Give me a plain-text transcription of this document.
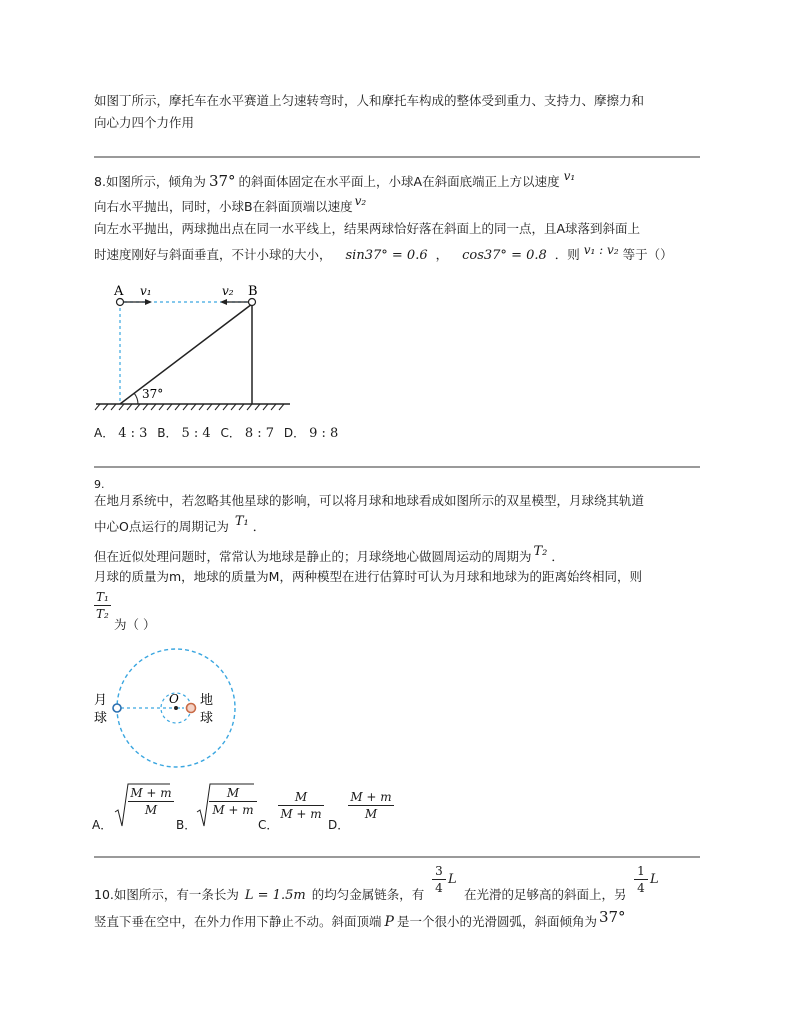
如图丁所示，摩托车在水平赛道上匀速转弯时，人和摩托车构成的整体受到重力、支持力、摩擦力和
向心力四个力作用
8.如图所示，倾角为 37° 的斜面体固定在水平面上，小球A在斜面底端正上方以速度 v₁
向右水平抛出，同时，小球B在斜面顶端以速度 v₂
向左水平抛出，两球抛出点在同一水平线上，结果两球恰好落在斜面上的同一点，且A球落到斜面上
时速度刚好与斜面垂直，不计小球的大小， sin37° = 0.6 ， cos37° = 0.8 ．则 v₁ : v₂ 等于（）
A	B
v₁	v₂
37°
A． 4 : 3 B． 5 : 4 C． 8 : 7 D． 9 : 8
9.
在地月系统中，若忽略其他星球的影响，可以将月球和地球看成如图所示的双星模型，月球绕其轨道
中心O点运行的周期记为 T₁ ．
但在近似处理问题时，常常认为地球是静止的；月球绕地心做圆周运动的周期为 T₂ ．
月球的质量为m，地球的质量为M，两种模型在进行估算时可认为月球和地球为的距离始终相同，则
$\frac{\text{T₁}}{\text{T₂}}$
为（ ）
月
球
地
球
O
A．
$\frac{M + m}{M}$
B．
$\frac{M}{M + m}$
C．
$\frac{M}{M + m}$
D．
$\frac{M + m}{M}$
10.如图所示，有一条长为 L = 1.5m 的均匀金属链条，有 $\frac{3}{4}$ L
在光滑的足够高的斜面上，另 $\frac{1}{4}$ L
竖直下垂在空中，在外力作用下静止不动。斜面顶端 P 是一个很小的光滑圆弧，斜面倾角为 37°
